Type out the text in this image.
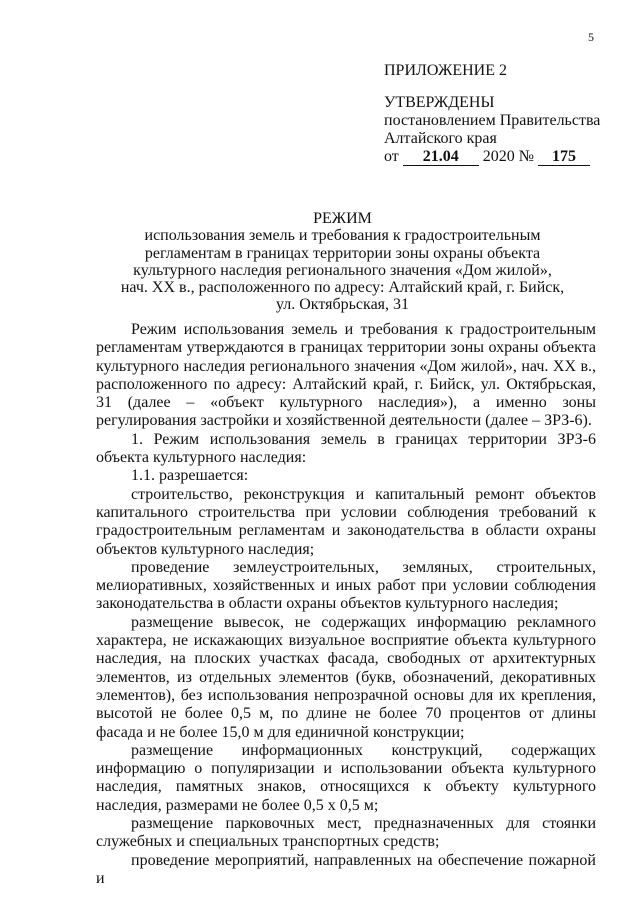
5
ПРИЛОЖЕНИЕ 2
УТВЕРЖДЕНЫ
постановлением Правительства
Алтайского края
от 21.04 2020 № 175
РЕЖИМ
использования земель и требования к градостроительным
регламентам в границах территории зоны охраны объекта
культурного наследия регионального значения «Дом жилой»,
нач. ХХ в., расположенного по адресу: Алтайский край, г. Бийск,
ул. Октябрьская, 31

Режим использования земель и требования к градостроительным регламентам утверждаются в границах территории зоны охраны объекта культурного наследия регионального значения «Дом жилой», нач. ХХ в., расположенного по адресу: Алтайский край, г. Бийск, ул. Октябрьская, 31 (далее – «объект культурного наследия»), а именно зоны регулирования застройки и хозяйственной деятельности (далее – ЗРЗ-6).

1. Режим использования земель в границах территории ЗРЗ-6 объекта культурного наследия:

1.1. разрешается:

строительство, реконструкция и капитальный ремонт объектов капитального строительства при условии соблюдения требований к градостроительным регламентам и законодательства в области охраны объектов культурного наследия;

проведение землеустроительных, земляных, строительных, мелиоративных, хозяйственных и иных работ при условии соблюдения законодательства в области охраны объектов культурного наследия;

размещение вывесок, не содержащих информацию рекламного характера, не искажающих визуальное восприятие объекта культурного наследия, на плоских участках фасада, свободных от архитектурных элементов, из отдельных элементов (букв, обозначений, декоративных элементов), без использования непрозрачной основы для их крепления, высотой не более 0,5 м, по длине не более 70 процентов от длины фасада и не более 15,0 м для единичной конструкции;

размещение информационных конструкций, содержащих информацию о популяризации и использовании объекта культурного наследия, памятных знаков, относящихся к объекту культурного наследия, размерами не более 0,5 х 0,5 м;

размещение парковочных мест, предназначенных для стоянки служебных и специальных транспортных средств;

проведение мероприятий, направленных на обеспечение пожарной и
